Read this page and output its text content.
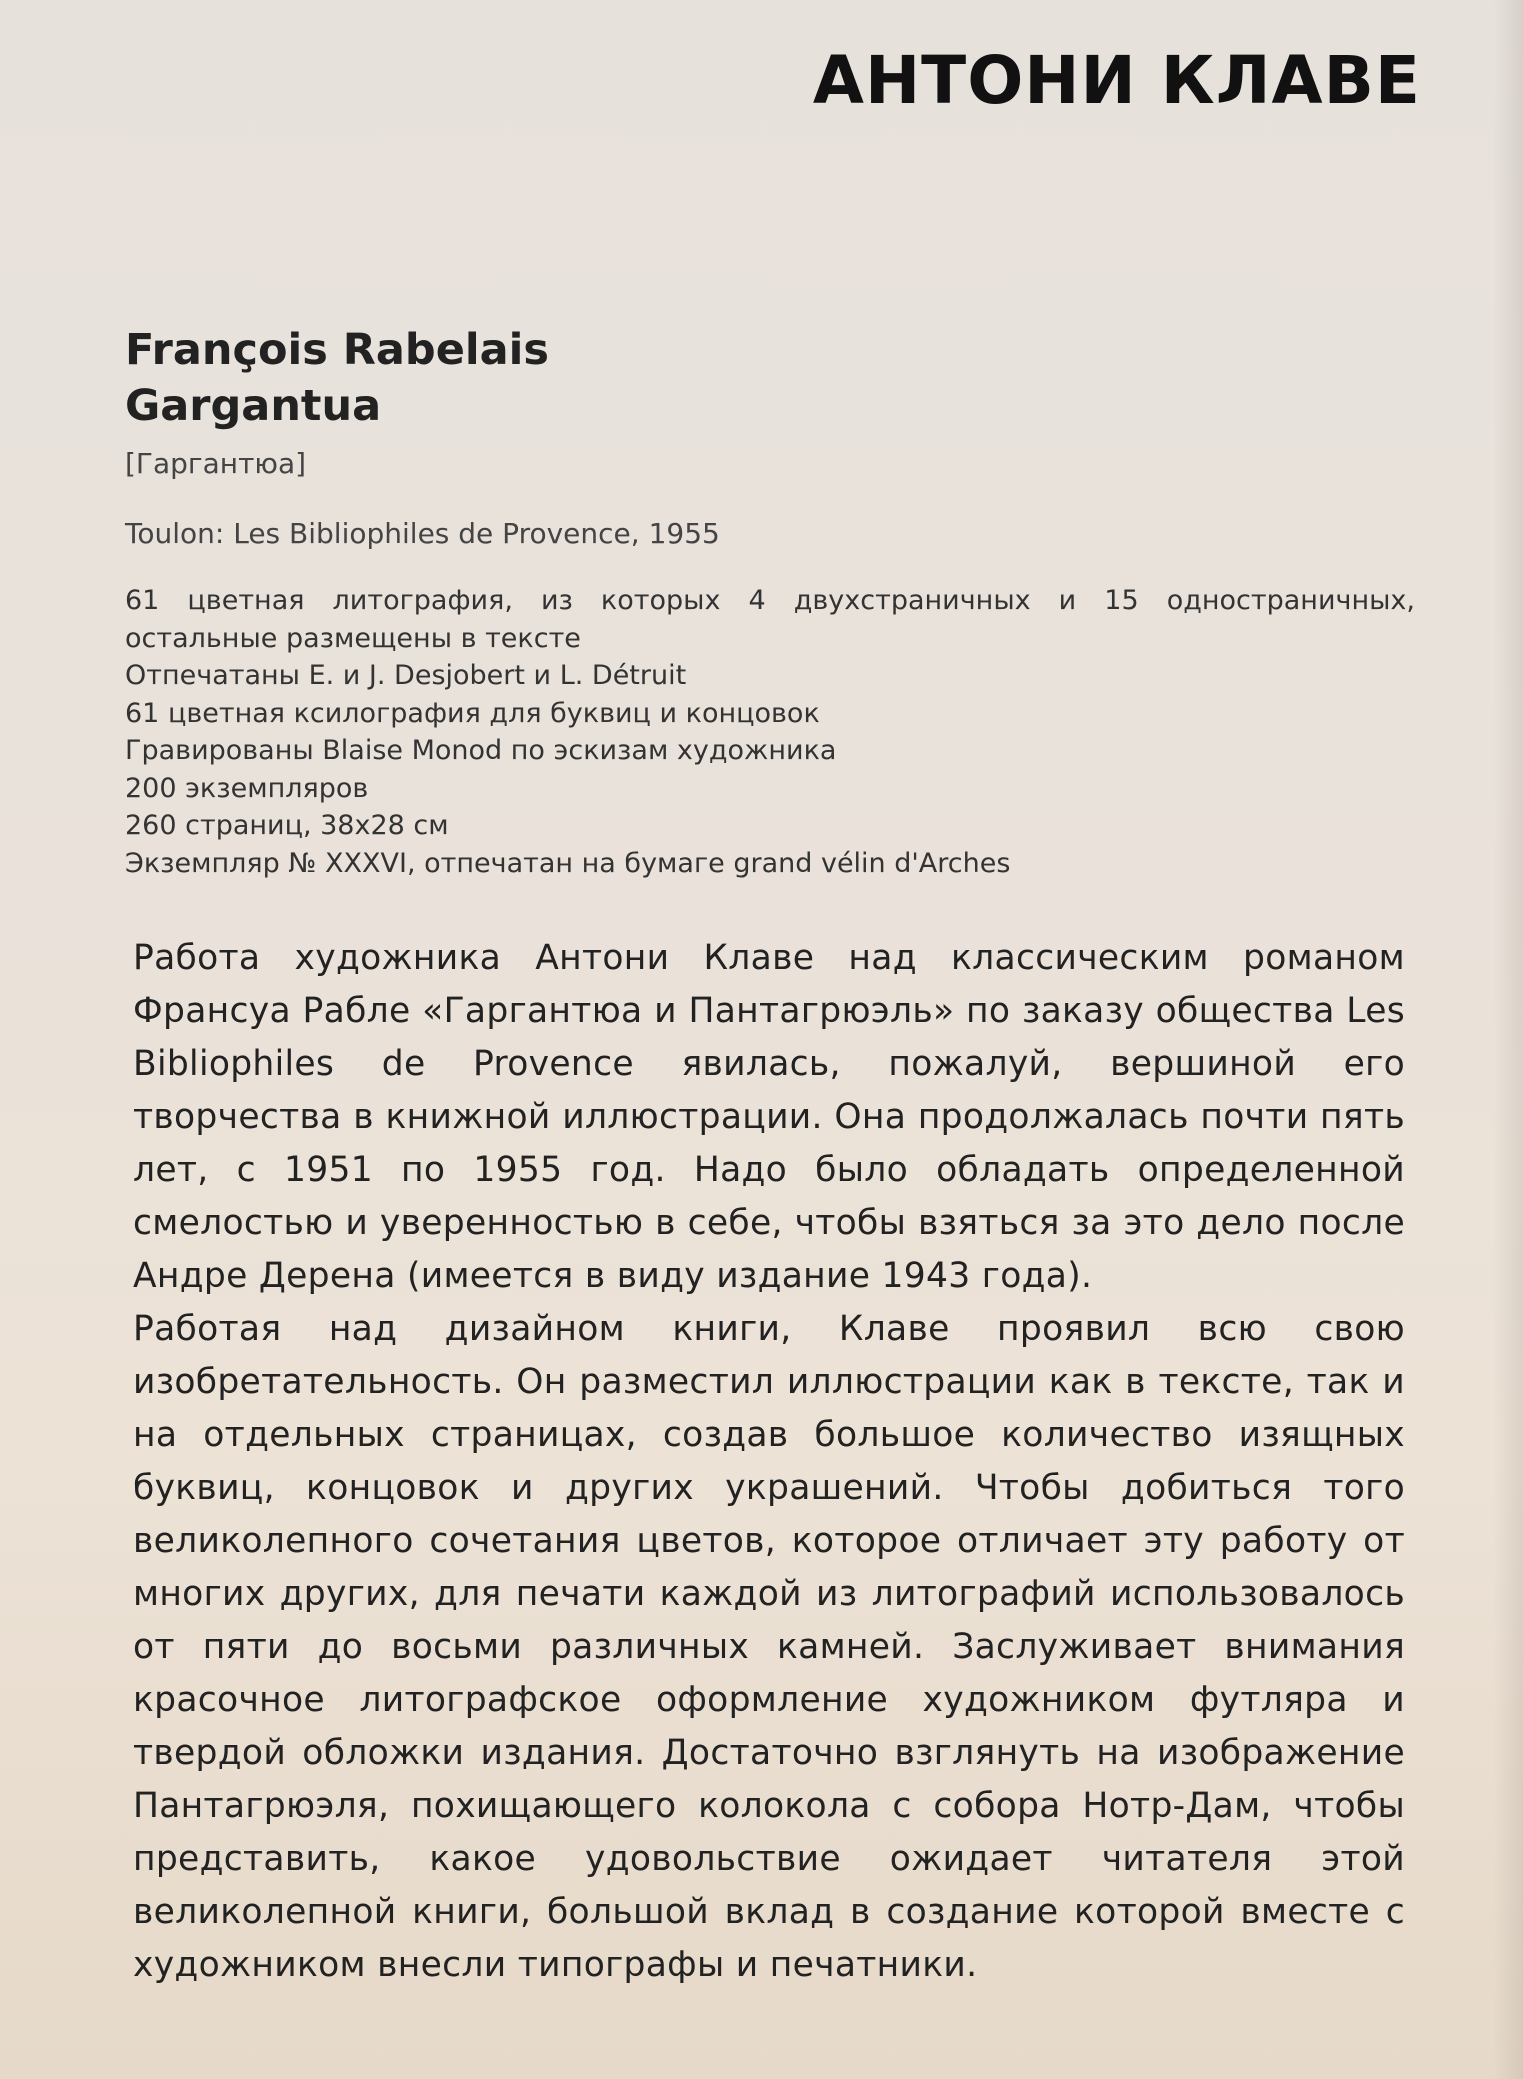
АНТОНИ КЛАВЕ
François Rabelais
Gargantua
[Гаргантюа]
Toulon: Les Bibliophiles de Provence, 1955
61 цветная литография, из которых 4 двухстраничных и 15 одностраничных,
остальные размещены в тексте
Отпечатаны E. и J. Desjobert и L. Détruit
61 цветная ксилография для буквиц и концовок
Гравированы Blaise Monod по эскизам художника
200 экземпляров
260 страниц, 38х28 см
Экземпляр № XXXVI, отпечатан на бумаге grand vélin d'Arches

Работа художника Антони Клаве над классическим романом Франсуа Рабле «Гаргантюа и Пантагрюэль» по заказу общества Les Bibliophiles de Provence явилась, пожалуй, вершиной его творчества в книжной иллюстрации. Она продолжалась почти пять лет, с 1951 по 1955 год. Надо было обладать определенной смелостью и уверенностью в себе, чтобы взяться за это дело после Андре Дерена (имеется в виду издание 1943 года).

Работая над дизайном книги, Клаве проявил всю свою изобретательность. Он разместил иллюстрации как в тексте, так и на отдельных страницах, создав большое количество изящных буквиц, концовок и других украшений. Чтобы добиться того великолепного сочетания цветов, которое отличает эту работу от многих других, для печати каждой из литографий использовалось от пяти до восьми различных камней. Заслуживает внимания красочное литографское оформление художником футляра и твердой обложки издания. Достаточно взглянуть на изображение Пантагрюэля, похищающего колокола с собора Нотр-Дам, чтобы представить, какое удовольствие ожидает читателя этой великолепной книги, большой вклад в создание которой вместе с художником внесли типографы и печатники.
